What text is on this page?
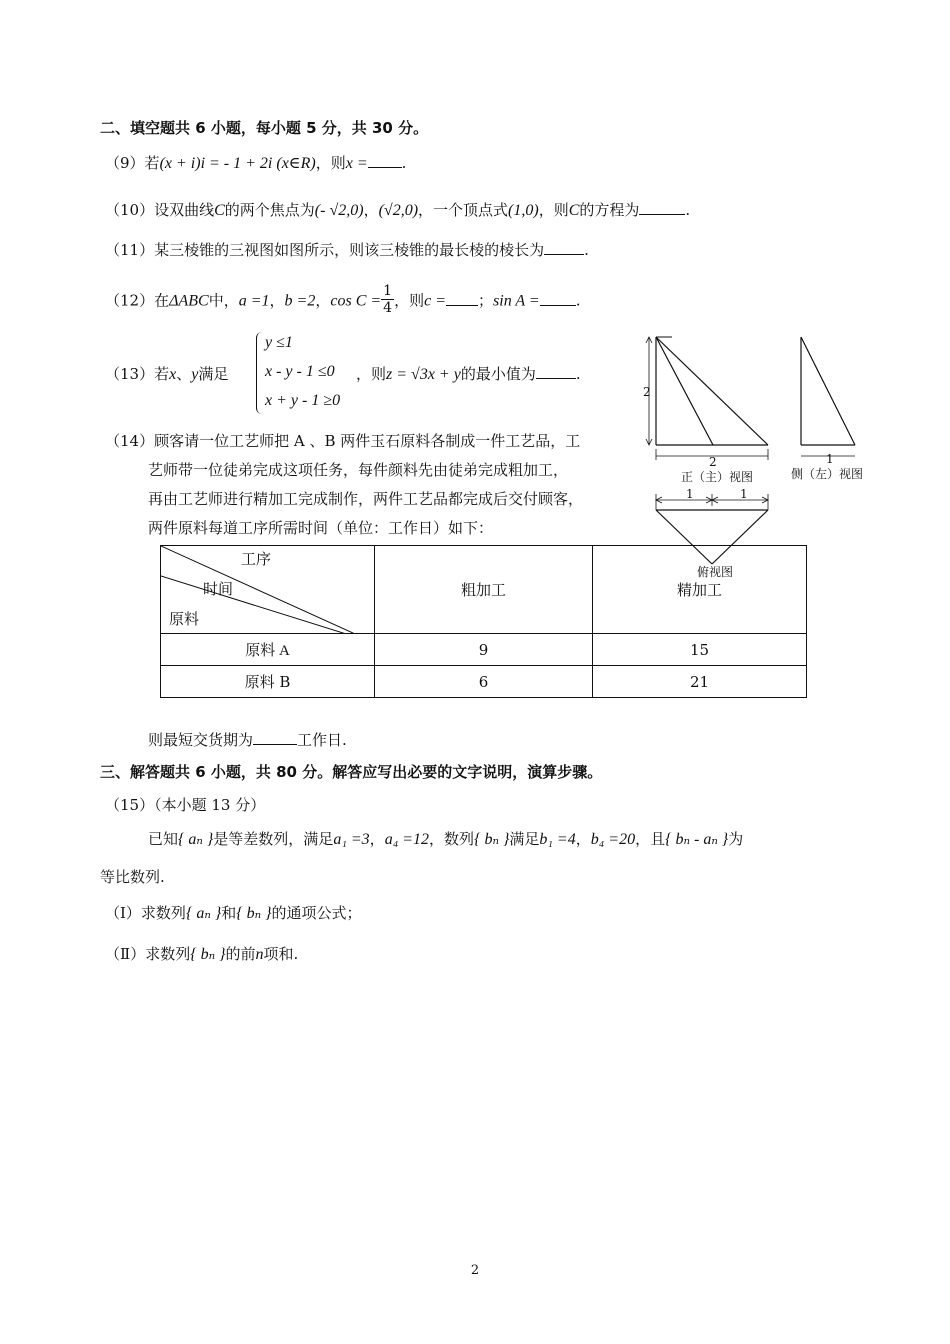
二、填空题共 6 小题，每小题 5 分，共 30 分。
（9）若(x + i)i = - 1 + 2i (x∈R)，则x = .
（10）设双曲线C的两个焦点为(- √2,0)，(√2,0)，一个顶点式(1,0)，则C的方程为	.
（11）某三棱锥的三视图如图所示，则该三棱锥的最长棱的棱长为	.
（12）在ΔABC中，a =1，b =2，$\cos C = \frac{1}{4}$ ，则c = ；sin A = .
（13）若x、y满足
y ≤1
x - y - 1 ≤0
x + y - 1 ≥0
，则z = √3x + y的最小值为	.
（14）顾客请一位工艺师把 A 、B 两件玉石原料各制成一件工艺品，工
艺师带一位徒弟完成这项任务，每件颜料先由徒弟完成粗加工，
再由工艺师进行精加工完成制作，两件工艺品都完成后交付顾客，
两件原料每道工序所需时间（单位：工作日）如下：
工序
时间
原料	粗加工	精加工
原料 A	9	15
原料 B	6	21
则最短交货期为	工作日.
2
2	1
正（主）视图	侧（左）视图
1	1
俯视图
三、解答题共 6 小题，共 80 分。解答应写出必要的文字说明，演算步骤。
（15）（本小题 13 分）
已知{ aₙ }是等差数列，满足a₁ =3，a₄ =12，数列{ bₙ }满足b₁ =4，b₄ =20，且{ bₙ - aₙ }为
等比数列.
（Ⅰ）求数列{ aₙ }和{ bₙ }的通项公式；
（Ⅱ）求数列{ bₙ }的前n项和.
2
